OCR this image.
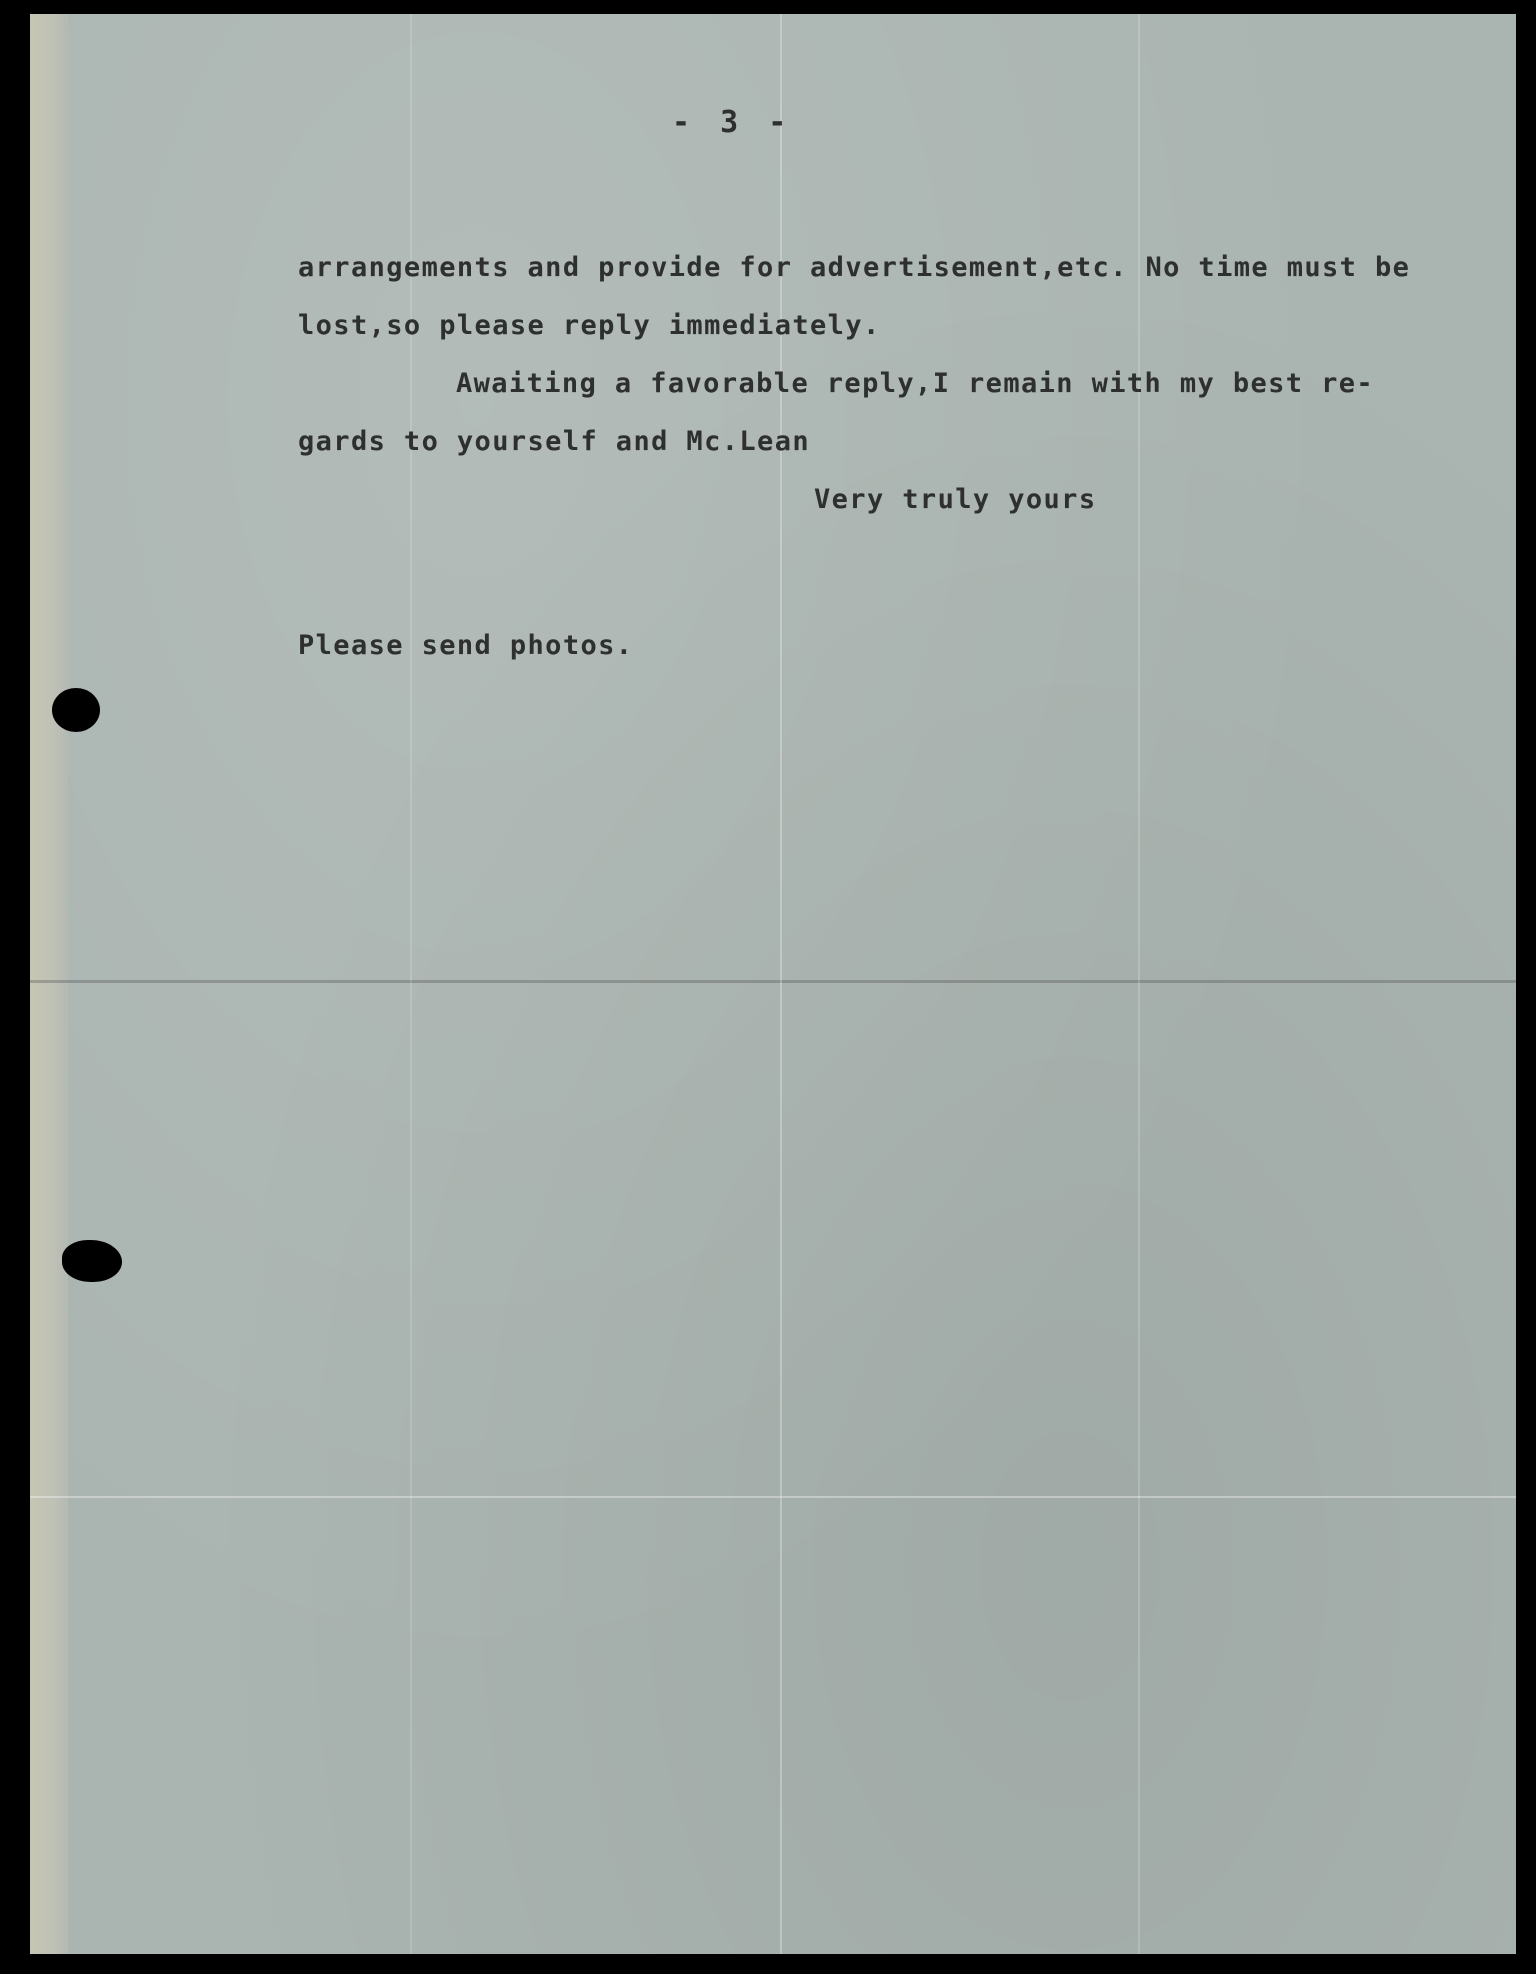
- 3 -

arrangements and provide for advertisement,etc. No time must be

lost,so please reply immediately.

Awaiting a favorable reply,I remain with my best re-

gards to yourself and Mc.Lean

Very truly yours

Please send photos.
